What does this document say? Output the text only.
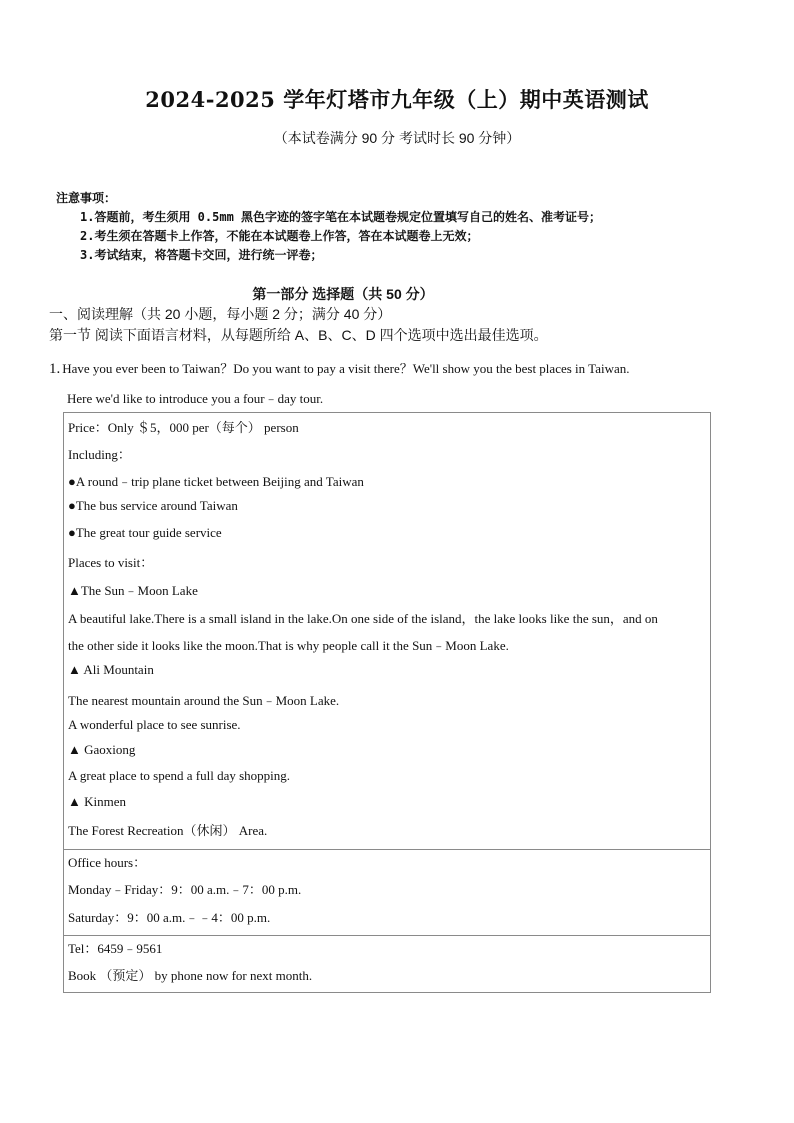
2024-2025 学年灯塔市九年级（上）期中英语测试
（本试卷满分 90 分 考试时长 90 分钟）
注意事项：
1.答题前，考生须用 0.5mm 黑色字迹的签字笔在本试题卷规定位置填写自己的姓名、准考证号；
2.考生须在答题卡上作答，不能在本试题卷上作答，答在本试题卷上无效；
3.考试结束，将答题卡交回，进行统一评卷；
第一部分 选择题（共 50 分）
一、阅读理解（共 20 小题，每小题 2 分；满分 40 分）
第一节 阅读下面语言材料，从每题所给 A、B、C、D 四个选项中选出最佳选项。
1. Have you ever been to Taiwan？Do you want to pay a visit there？We'll show you the best places in Taiwan.
Here we'd like to introduce you a four﹣day tour.
Price：Only ＄5，000 per（每个） person
Including：
●A round﹣trip plane ticket between Beijing and Taiwan
●The bus service around Taiwan
●The great tour guide service
Places to visit：
▲The Sun﹣Moon Lake
A beautiful lake.There is a small island in the lake.On one side of the island，the lake looks like the sun，and on
the other side it looks like the moon.That is why people call it the Sun﹣Moon Lake.
▲ Ali Mountain
The nearest mountain around the Sun﹣Moon Lake.
A wonderful place to see sunrise.
▲ Gaoxiong
A great place to spend a full day shopping.
▲ Kinmen
The Forest Recreation（休闲） Area.
Office hours：
Monday﹣Friday：9：00 a.m.﹣7：00 p.m.
Saturday：9：00 a.m.﹣﹣4：00 p.m.
Tel：6459﹣9561
Book （预定） by phone now for next month.
